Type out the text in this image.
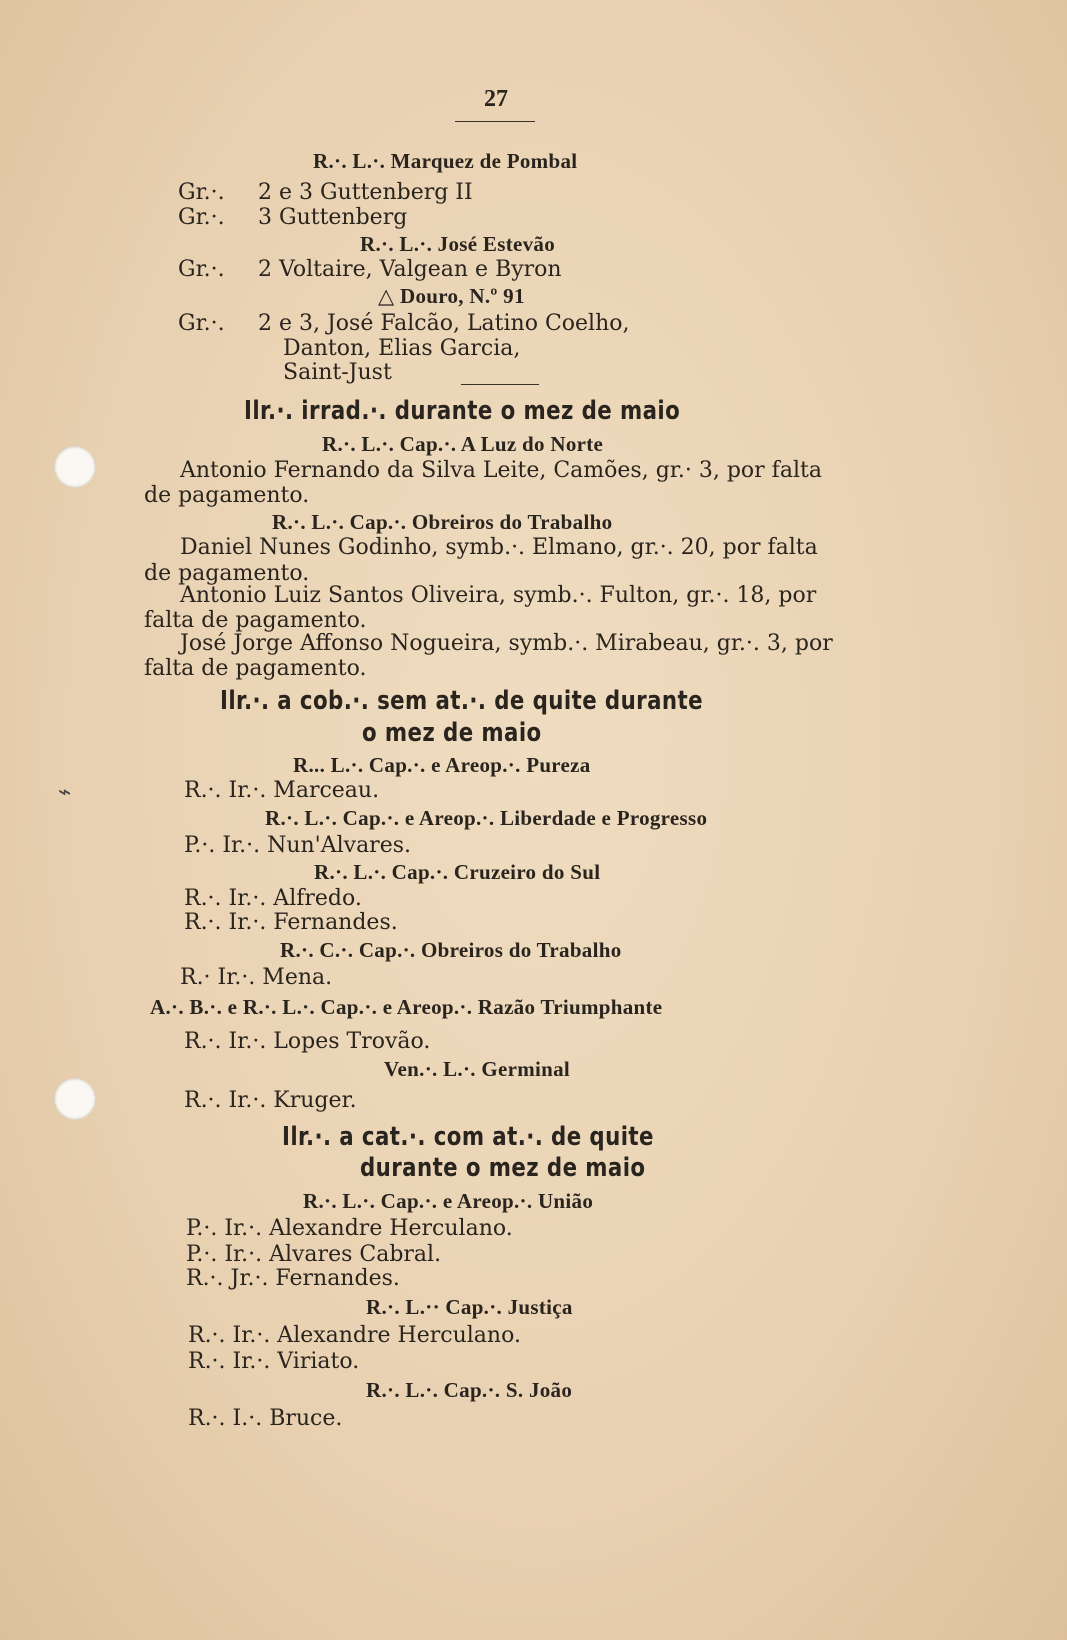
⌁
27
R.·. L.·. Marquez de Pombal
Gr.·. 2 e 3 Guttenberg II
Gr.·. 3 Guttenberg
R.·. L.·. José Estevão
Gr.·. 2 Voltaire, Valgean e Byron
△ Douro, N.º 91
Gr.·. 2 e 3, José Falcão, Latino Coelho,
Danton, Elias Garcia,
Saint-Just
Ilr.·. irrad.·. durante o mez de maio
R.·. L.·. Cap.·. A Luz do Norte
Antonio Fernando da Silva Leite, Camões, gr.· 3, por falta
de pagamento.
R.·. L.·. Cap.·. Obreiros do Trabalho
Daniel Nunes Godinho, symb.·. Elmano, gr.·. 20, por falta
de pagamento.
Antonio Luiz Santos Oliveira, symb.·. Fulton, gr.·. 18, por
falta de pagamento.
José Jorge Affonso Nogueira, symb.·. Mirabeau, gr.·. 3, por
falta de pagamento.
Ilr.·. a cob.·. sem at.·. de quite durante
o mez de maio
R... L.·. Cap.·. e Areop.·. Pureza
R.·. Ir.·. Marceau.
R.·. L.·. Cap.·. e Areop.·. Liberdade e Progresso
P.·. Ir.·. Nun'Alvares.
R.·. L.·. Cap.·. Cruzeiro do Sul
R.·. Ir.·. Alfredo.
R.·. Ir.·. Fernandes.
R.·. C.·. Cap.·. Obreiros do Trabalho
R.· Ir.·. Mena.
A.·. B.·. e R.·. L.·. Cap.·. e Areop.·. Razão Triumphante
R.·. Ir.·. Lopes Trovão.
Ven.·. L.·. Germinal
R.·. Ir.·. Kruger.
Ilr.·. a cat.·. com at.·. de quite
durante o mez de maio
R.·. L.·. Cap.·. e Areop.·. União
P.·. Ir.·. Alexandre Herculano.
P.·. Ir.·. Alvares Cabral.
R.·. Jr.·. Fernandes.
R.·. L.·· Cap.·. Justiça
R.·. Ir.·. Alexandre Herculano.
R.·. Ir.·. Viriato.
R.·. L.·. Cap.·. S. João
R.·. I.·. Bruce.
